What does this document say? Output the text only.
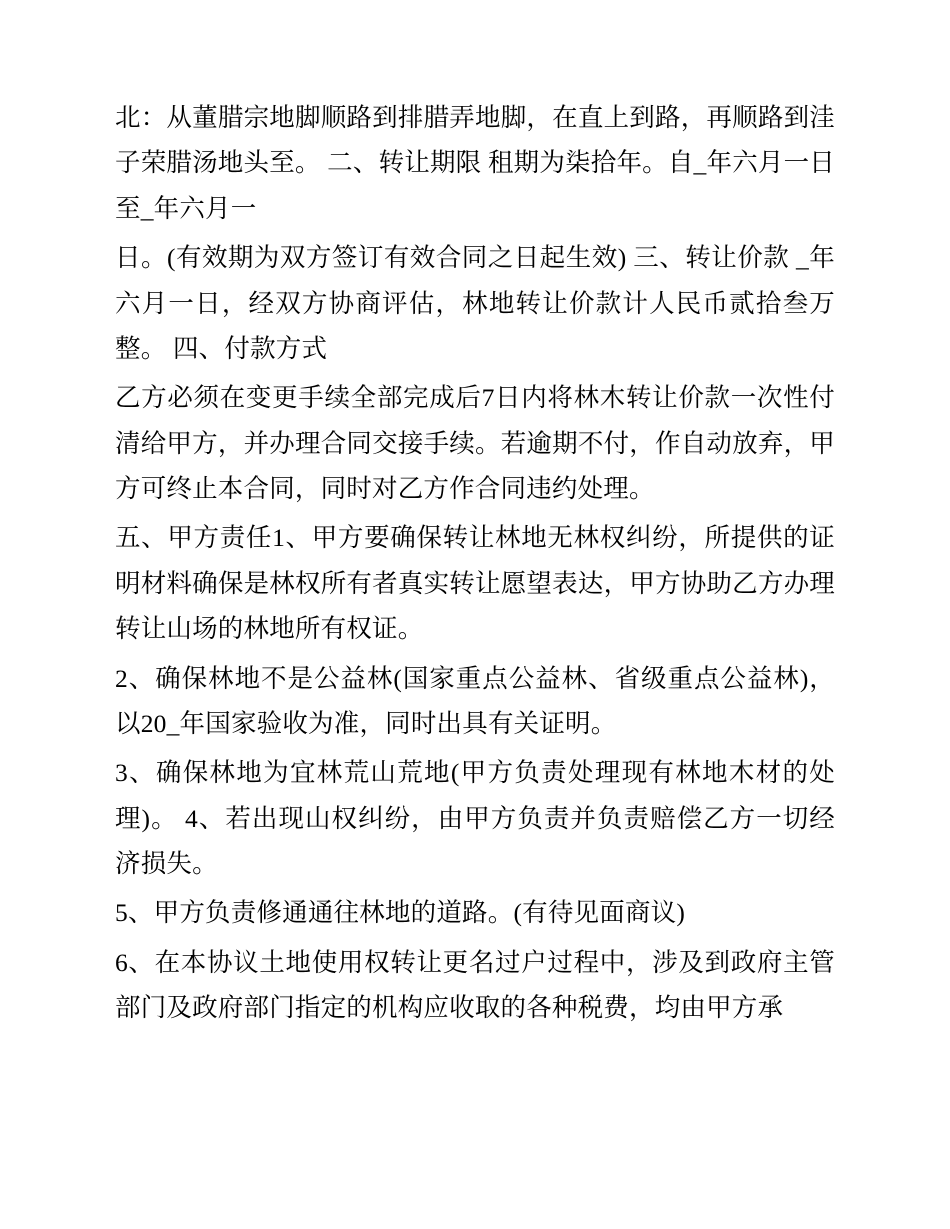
北：从董腊宗地脚顺路到排腊弄地脚，在直上到路，再顺路到洼子荣腊汤地头至。 二、转让期限 租期为柒拾年。自_年六月一日至_年六月一

日。(有效期为双方签订有效合同之日起生效) 三、转让价款 _年六月一日，经双方协商评估，林地转让价款计人民币贰拾叁万整。 四、付款方式

乙方必须在变更手续全部完成后7日内将林木转让价款一次性付清给甲方，并办理合同交接手续。若逾期不付，作自动放弃，甲方可终止本合同，同时对乙方作合同违约处理。

五、甲方责任1、甲方要确保转让林地无林权纠纷，所提供的证明材料确保是林权所有者真实转让愿望表达，甲方协助乙方办理转让山场的林地所有权证。

2、确保林地不是公益林(国家重点公益林、省级重点公益林)，以20_年国家验收为准，同时出具有关证明。

3、确保林地为宜林荒山荒地(甲方负责处理现有林地木材的处理)。 4、若出现山权纠纷，由甲方负责并负责赔偿乙方一切经济损失。

5、甲方负责修通通往林地的道路。(有待见面商议)

6、在本协议土地使用权转让更名过户过程中，涉及到政府主管部门及政府部门指定的机构应收取的各种税费，均由甲方承
